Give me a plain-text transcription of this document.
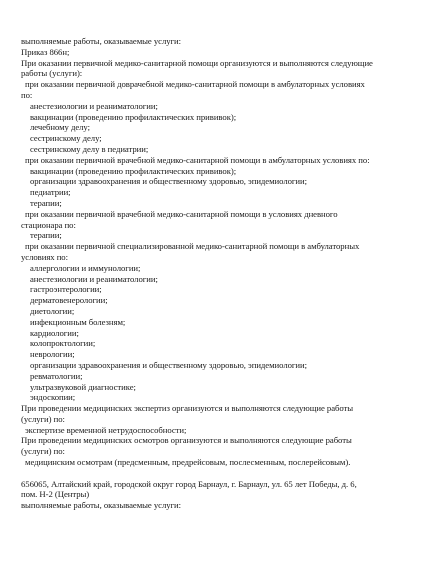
выполняемые работы, оказываемые услуги:
Приказ 866н;
При оказании первичной медико-санитарной помощи организуются и выполняются следующие
работы (услуги):
при оказании первичной доврачебной медико-санитарной помощи в амбулаторных условиях
по:
анестезиологии и реаниматологии;
вакцинации (проведению профилактических прививок);
лечебному делу;
сестринскому делу;
сестринскому делу в педиатрии;
при оказании первичной врачебной медико-санитарной помощи в амбулаторных условиях по:
вакцинации (проведению профилактических прививок);
организации здравоохранения и общественному здоровью, эпидемиологии;
педиатрии;
терапии;
при оказании первичной врачебной медико-санитарной помощи в условиях дневного
стационара по:
терапии;
при оказании первичной специализированной медико-санитарной помощи в амбулаторных
условиях по:
аллергологии и иммунологии;
анестезиологии и реаниматологии;
гастроэнтерологии;
дерматовенерологии;
диетологии;
инфекционным болезням;
кардиологии;
колопроктологии;
неврологии;
организации здравоохранения и общественному здоровью, эпидемиологии;
ревматологии;
ультразвуковой диагностике;
эндоскопии;
При проведении медицинских экспертиз организуются и выполняются следующие работы
(услуги) по:
экспертизе временной нетрудоспособности;
При проведении медицинских осмотров организуются и выполняются следующие работы
(услуги) по:
медицинским осмотрам (предсменным, предрейсовым, послесменным, послерейсовым).
656065, Алтайский край, городской округ город Барнаул, г. Барнаул, ул. 65 лет Победы, д. 6,
пом. Н-2 (Центры)
выполняемые работы, оказываемые услуги:
